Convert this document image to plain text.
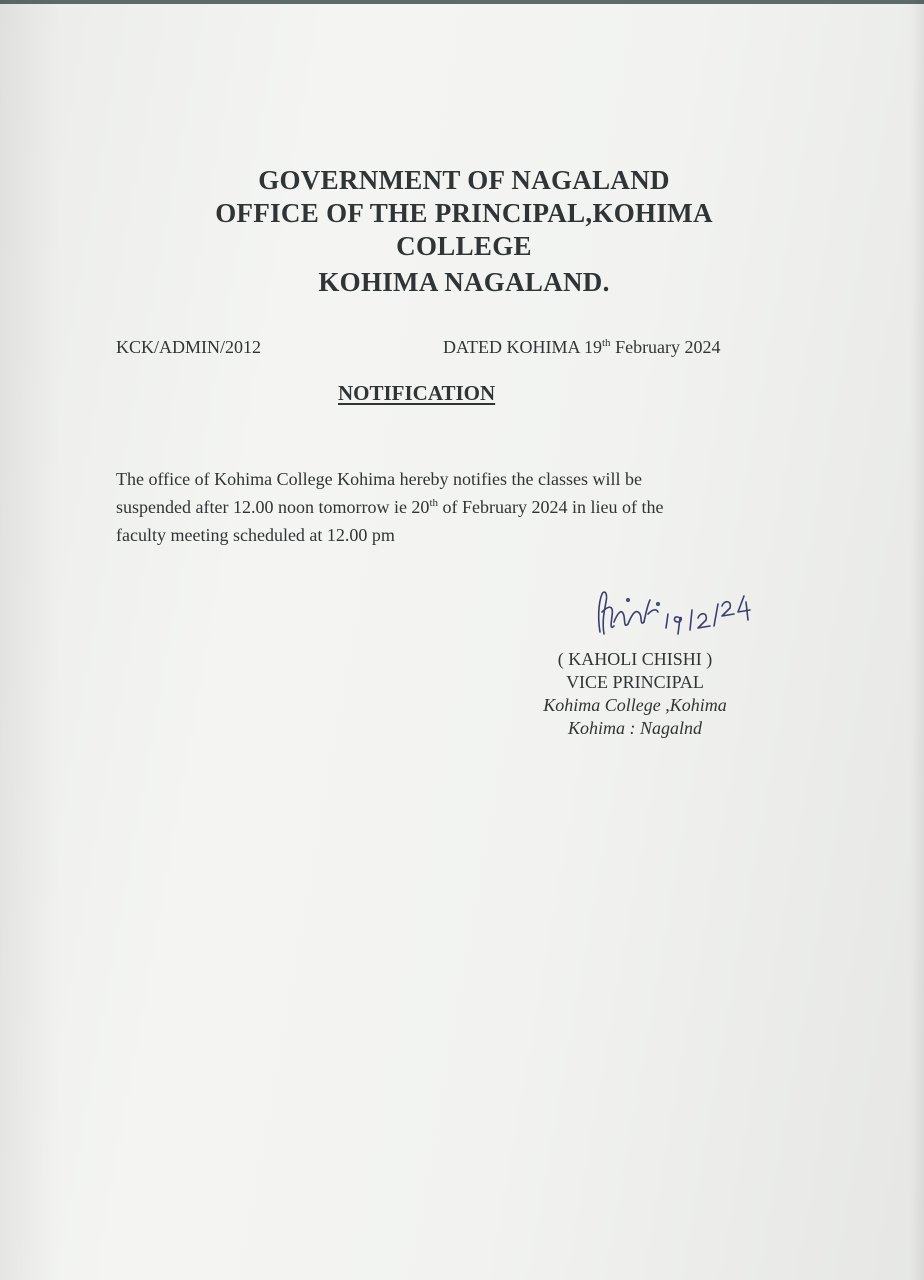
GOVERNMENT OF NAGALAND
OFFICE OF THE PRINCIPAL,KOHIMA
COLLEGE
KOHIMA NAGALAND.
KCK/ADMIN/2012	DATED KOHIMA 19th February 2024
NOTIFICATION
The office of Kohima College Kohima hereby notifies the classes will be
suspended after 12.00 noon tomorrow ie 20th of February 2024 in lieu of the
faculty meeting scheduled at 12.00 pm
( KAHOLI CHISHI )
VICE PRINCIPAL
Kohima College ,Kohima
Kohima : Nagalnd
